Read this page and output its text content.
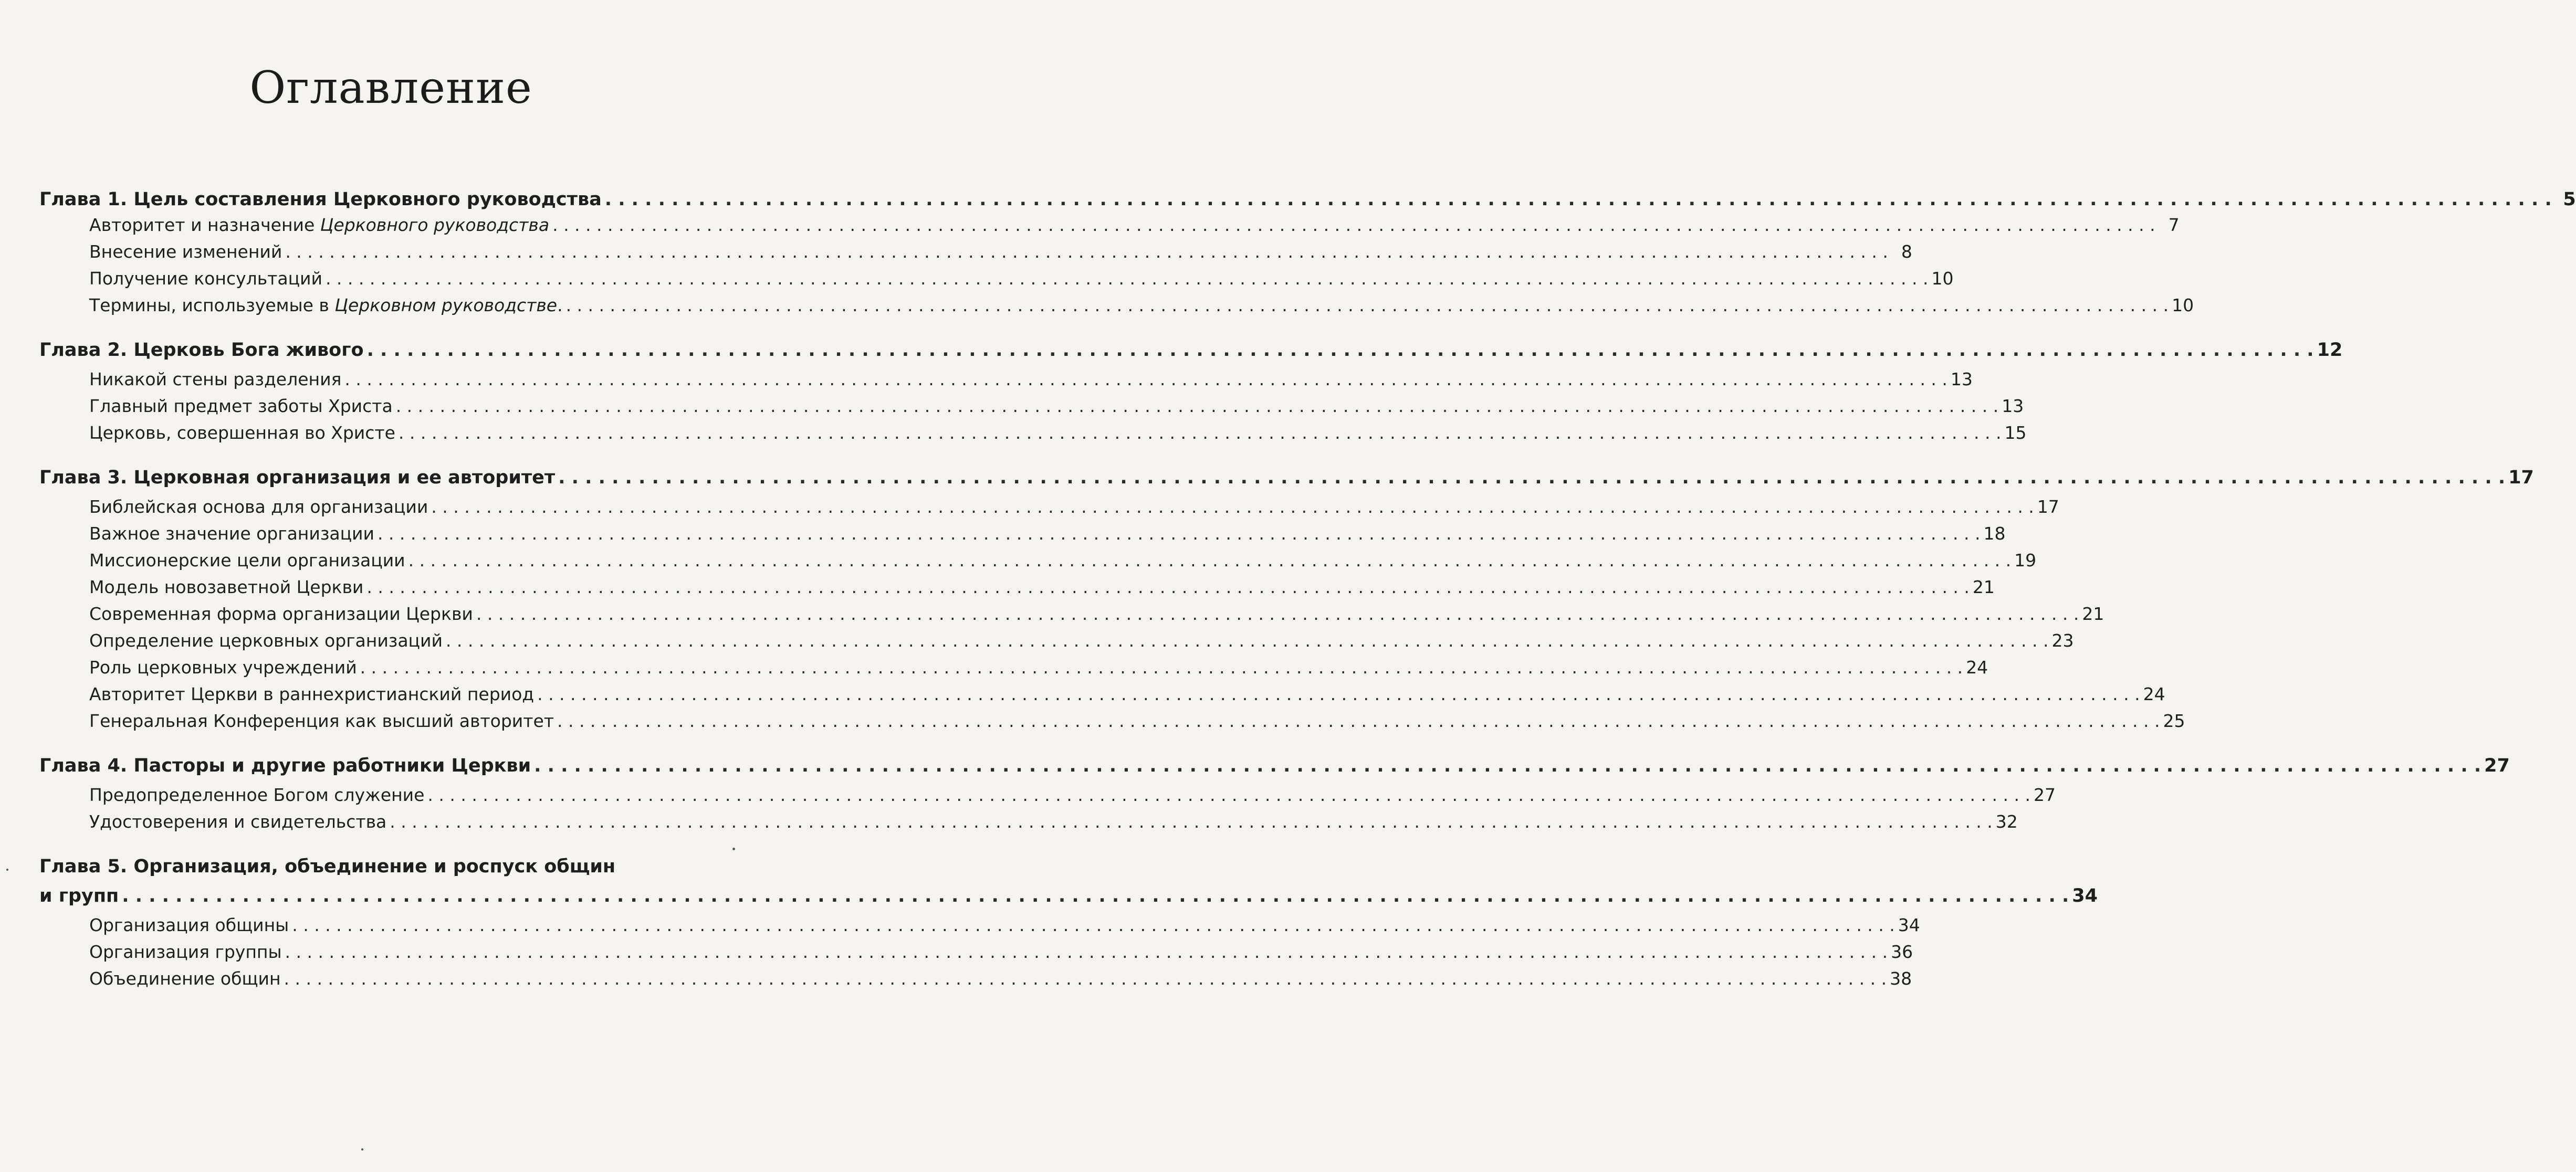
Оглавление
Глава 1. Цель составления Церковного руководства . . .	5
Авторитет и назначение Церковного руководства . . .	7
Внесение изменений . . .	8
Получение консультаций . . .	10
Термины, используемые в Церковном руководстве. . . .	10
Глава 2. Церковь Бога живого . . .	12
Никакой стены разделения . . .	13
Главный предмет заботы Христа . . .	13
Церковь, совершенная во Христе . . .	15
Глава 3. Церковная организация и ее авторитет . . .	17
Библейская основа для организации . . .	17
Важное значение организации . . .	18
Миссионерские цели организации . . .	19
Модель новозаветной Церкви . . .	21
Современная форма организации Церкви . . .	21
Определение церковных организаций . . .	23
Роль церковных учреждений . . .	24
Авторитет Церкви в раннехристианский период . . .	24
Генеральная Конференция как высший авторитет . . .	25
Глава 4. Пасторы и другие работники Церкви . . .	27
Предопределенное Богом служение . . .	27
Удостоверения и свидетельства . . .	32
Глава 5. Организация, объединение и роспуск общин
и групп . . .	34
Организация общины . . .	34
Организация группы . . .	36
Объединение общин . . .	38
